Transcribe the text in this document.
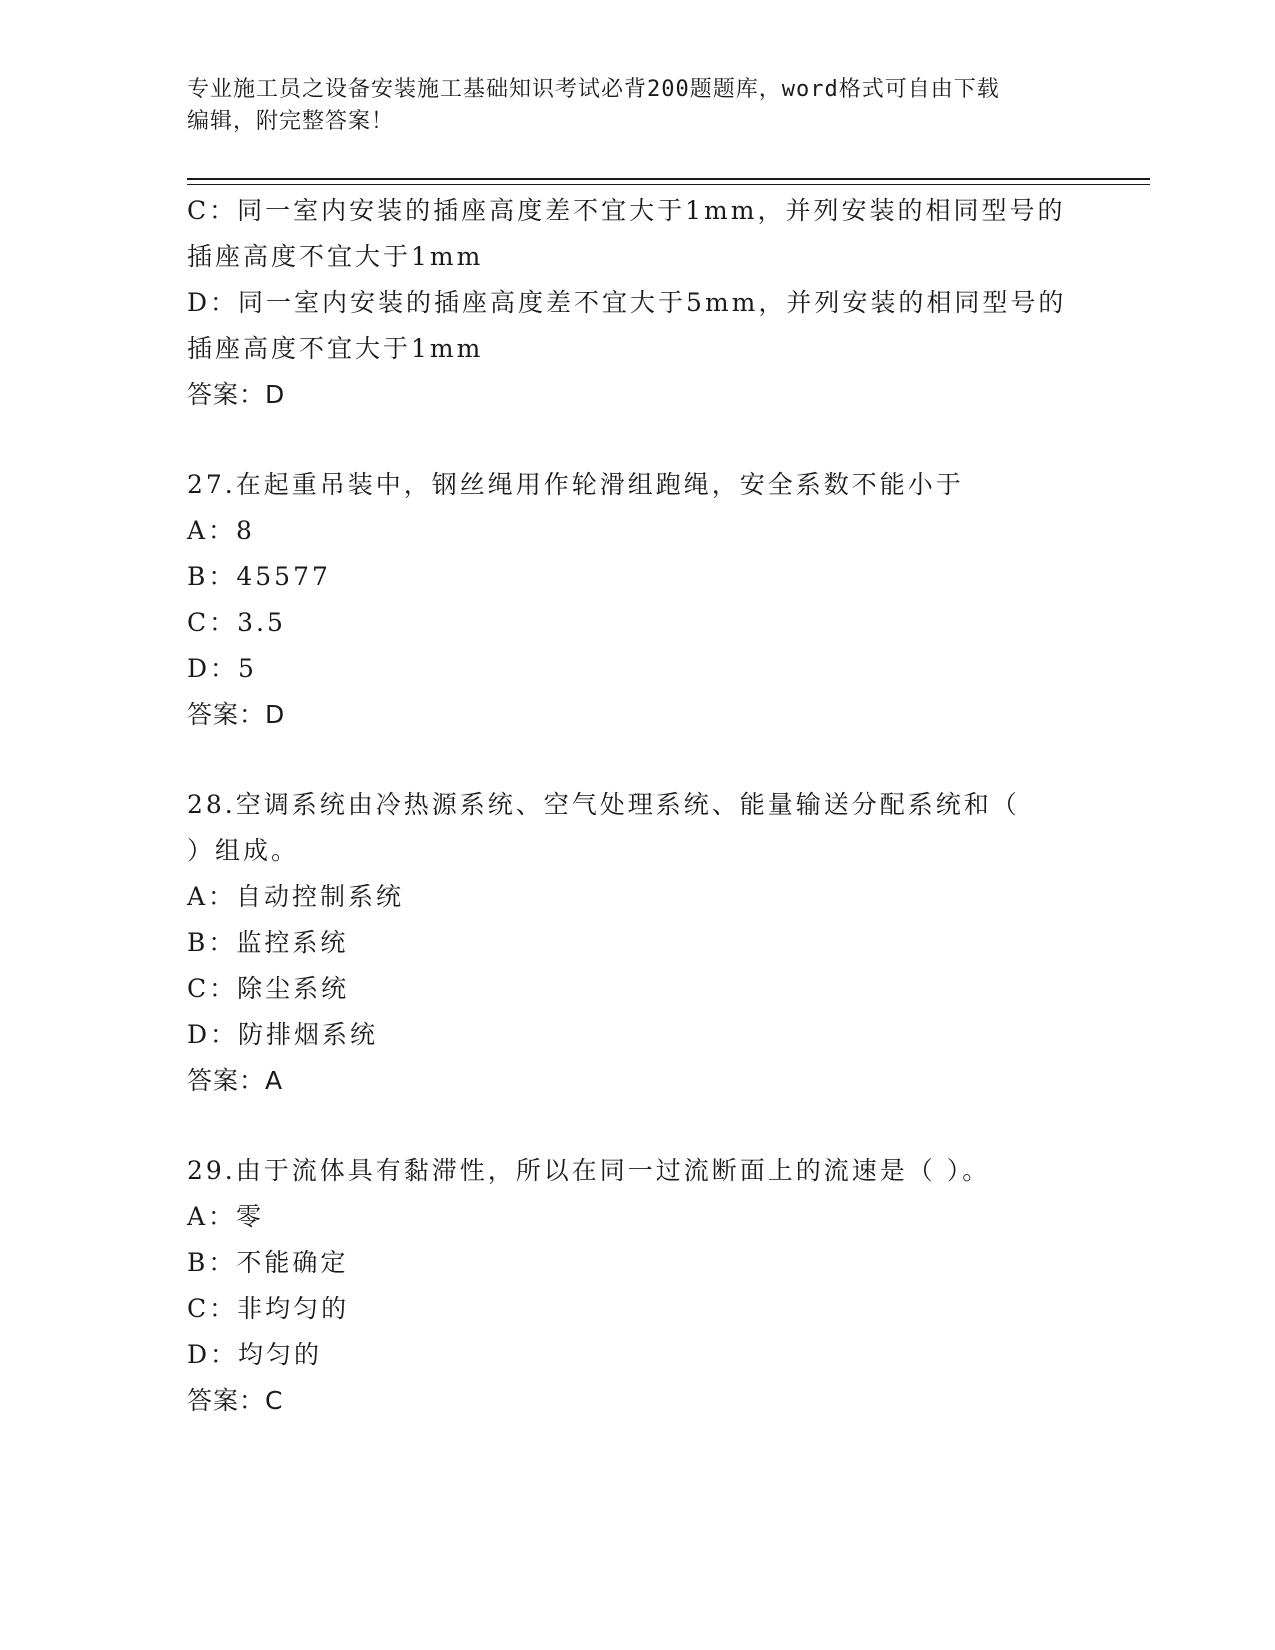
专业施工员之设备安装施工基础知识考试必背200题题库，word格式可自由下载
编辑，附完整答案！
C：同一室内安装的插座高度差不宜大于1mm，并列安装的相同型号的
插座高度不宜大于1mm
D：同一室内安装的插座高度差不宜大于5mm，并列安装的相同型号的
插座高度不宜大于1mm
答案：D
27.在起重吊装中，钢丝绳用作轮滑组跑绳，安全系数不能小于
A：8
B：45577
C：3.5
D：5
答案：D
28.空调系统由冷热源系统、空气处理系统、能量输送分配系统和（
）组成。
A：自动控制系统
B：监控系统
C：除尘系统
D：防排烟系统
答案：A
29.由于流体具有黏滞性，所以在同一过流断面上的流速是（ ）。
A：零
B：不能确定
C：非均匀的
D：均匀的
答案：C
